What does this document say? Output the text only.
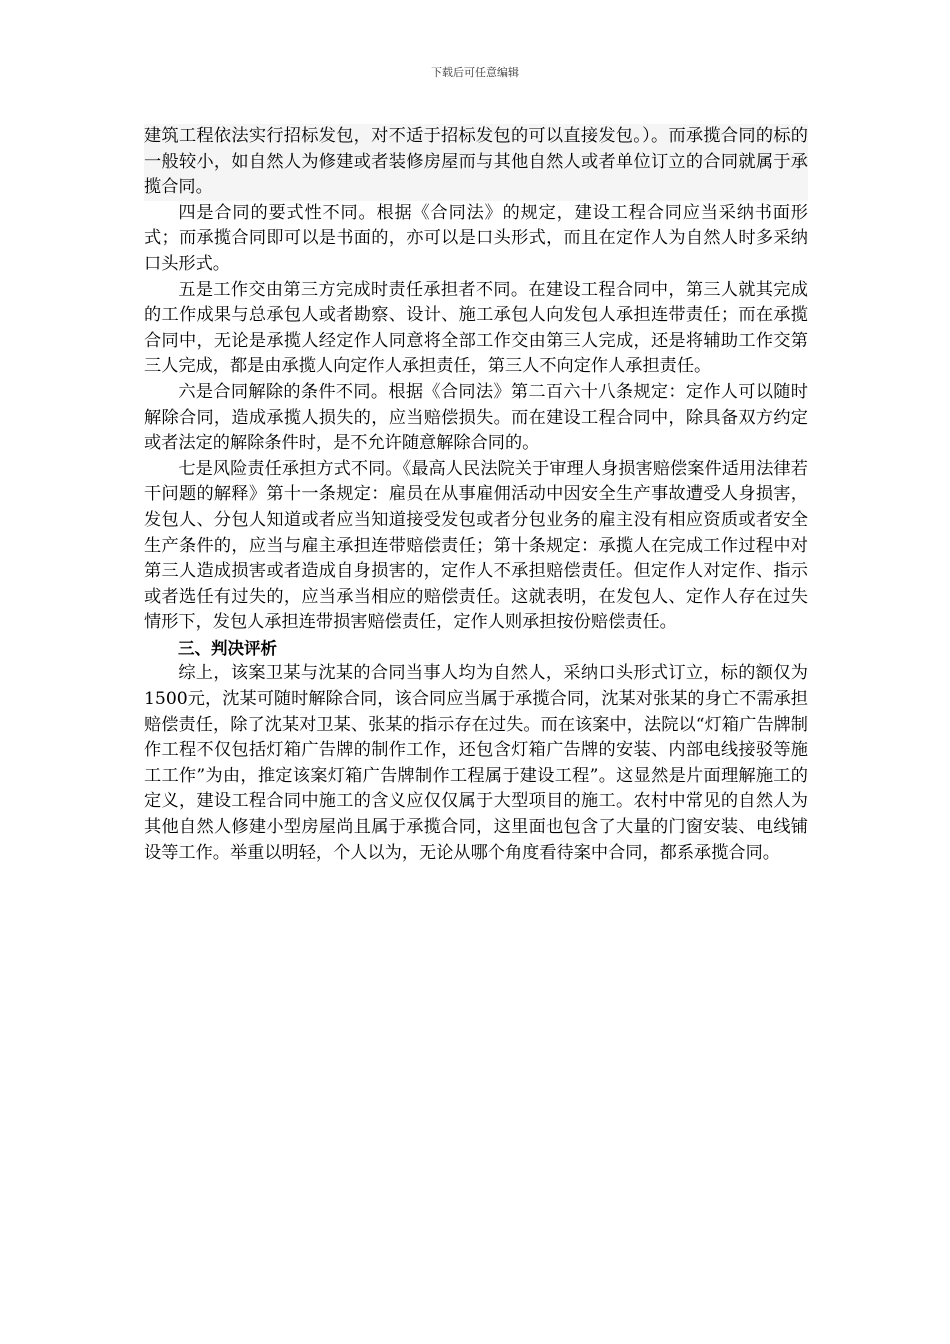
下载后可任意编辑

建筑工程依法实行招标发包，对不适于招标发包的可以直接发包。）。而承揽合同的标的一般较小，如自然人为修建或者装修房屋而与其他自然人或者单位订立的合同就属于承揽合同。

四是合同的要式性不同。根据《合同法》的规定，建设工程合同应当采纳书面形式；而承揽合同即可以是书面的，亦可以是口头形式，而且在定作人为自然人时多采纳口头形式。

五是工作交由第三方完成时责任承担者不同。在建设工程合同中，第三人就其完成的工作成果与总承包人或者勘察、设计、施工承包人向发包人承担连带责任；而在承揽合同中，无论是承揽人经定作人同意将全部工作交由第三人完成，还是将辅助工作交第三人完成，都是由承揽人向定作人承担责任，第三人不向定作人承担责任。

六是合同解除的条件不同。根据《合同法》第二百六十八条规定：定作人可以随时解除合同，造成承揽人损失的，应当赔偿损失。而在建设工程合同中，除具备双方约定或者法定的解除条件时，是不允许随意解除合同的。

七是风险责任承担方式不同。《最高人民法院关于审理人身损害赔偿案件适用法律若干问题的解释》第十一条规定：雇员在从事雇佣活动中因安全生产事故遭受人身损害，发包人、分包人知道或者应当知道接受发包或者分包业务的雇主没有相应资质或者安全生产条件的，应当与雇主承担连带赔偿责任；第十条规定：承揽人在完成工作过程中对第三人造成损害或者造成自身损害的，定作人不承担赔偿责任。但定作人对定作、指示或者选任有过失的，应当承当相应的赔偿责任。这就表明，在发包人、定作人存在过失情形下，发包人承担连带损害赔偿责任，定作人则承担按份赔偿责任。

三、判决评析

综上，该案卫某与沈某的合同当事人均为自然人，采纳口头形式订立，标的额仅为1500元，沈某可随时解除合同，该合同应当属于承揽合同，沈某对张某的身亡不需承担赔偿责任，除了沈某对卫某、张某的指示存在过失。而在该案中，法院以“灯箱广告牌制作工程不仅包括灯箱广告牌的制作工作，还包含灯箱广告牌的安装、内部电线接驳等施工工作”为由，推定该案灯箱广告牌制作工程属于建设工程”。这显然是片面理解施工的定义，建设工程合同中施工的含义应仅仅属于大型项目的施工。农村中常见的自然人为其他自然人修建小型房屋尚且属于承揽合同，这里面也包含了大量的门窗安装、电线铺设等工作。举重以明轻，个人以为，无论从哪个角度看待案中合同，都系承揽合同。
